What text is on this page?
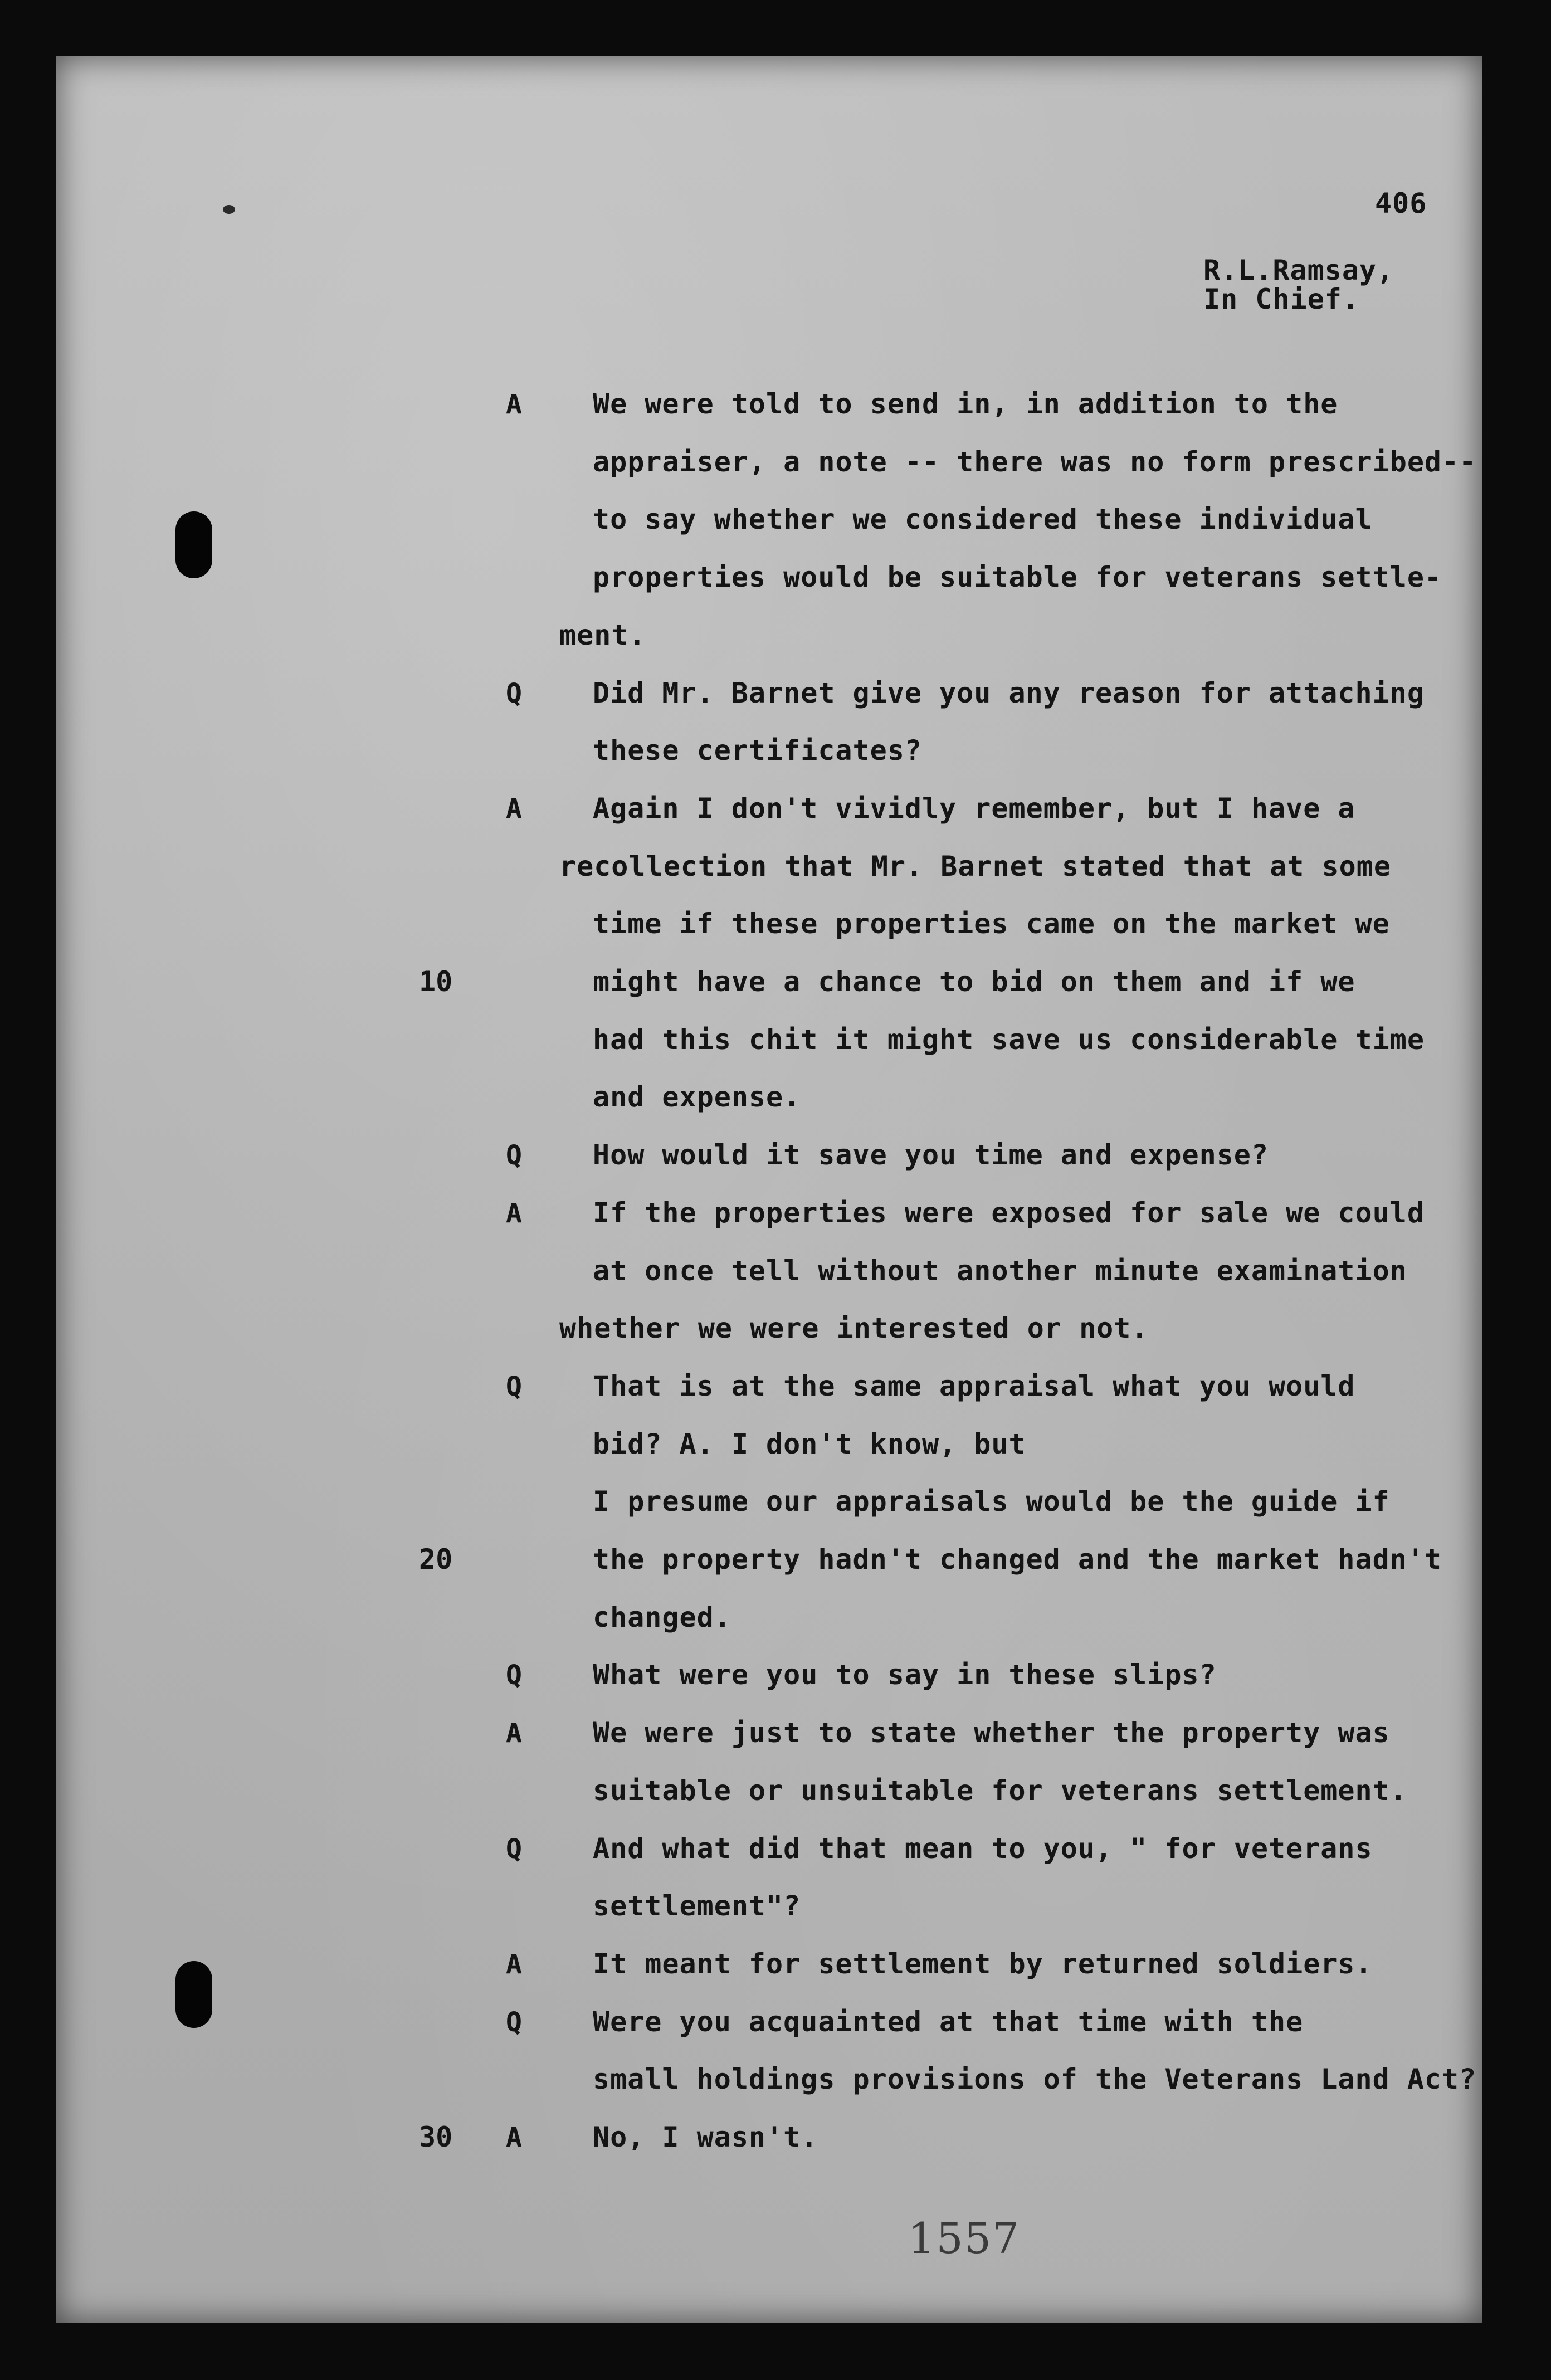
406
R.L.Ramsay,
In Chief.
We were told to send in, in addition to the
A
appraiser, a note -- there was no form prescribed--
to say whether we considered these individual
properties would be suitable for veterans settle-
ment.
Did Mr. Barnet give you any reason for attaching
Q
these certificates?
Again I don't vividly remember, but I have a
A
recollection that Mr. Barnet stated that at some
time if these properties came on the market we
might have a chance to bid on them and if we
10
had this chit it might save us considerable time
and expense.
How would it save you time and expense?
Q
If the properties were exposed for sale we could
A
at once tell without another minute examination
whether we were interested or not.
That is at the same appraisal what you would
Q
bid? A. I don't know, but
I presume our appraisals would be the guide if
the property hadn't changed and the market hadn't
20
changed.
What were you to say in these slips?
Q
We were just to state whether the property was
A
suitable or unsuitable for veterans settlement.
And what did that mean to you, " for veterans
Q
settlement"?
It meant for settlement by returned soldiers.
A
Were you acquainted at that time with the
Q
small holdings provisions of the Veterans Land Act?
No, I wasn't.
A
30
1557
